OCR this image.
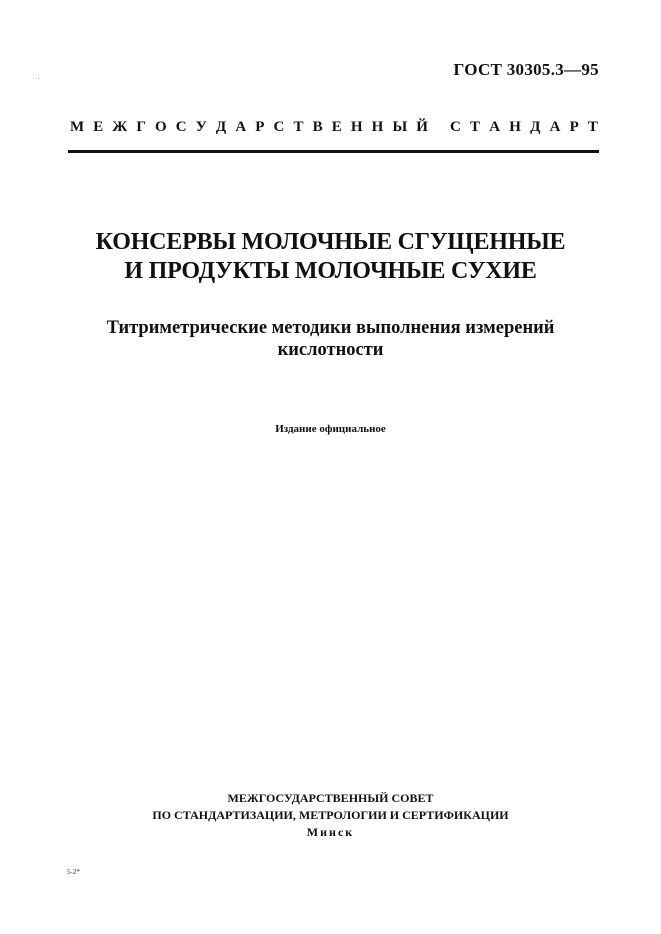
ГОСТ 30305.3—95
М Е Ж Г О С У Д А Р С Т В Е Н Н Ы Й С Т А Н Д А Р Т
КОНСЕРВЫ МОЛОЧНЫЕ СГУЩЕННЫЕ
И ПРОДУКТЫ МОЛОЧНЫЕ СУХИЕ
Титриметрические методики выполнения измерений
кислотности
Издание официальное
МЕЖГОСУДАРСТВЕННЫЙ СОВЕТ
ПО СТАНДАРТИЗАЦИИ, МЕТРОЛОГИИ И СЕРТИФИКАЦИИ
Минск
5-2*
